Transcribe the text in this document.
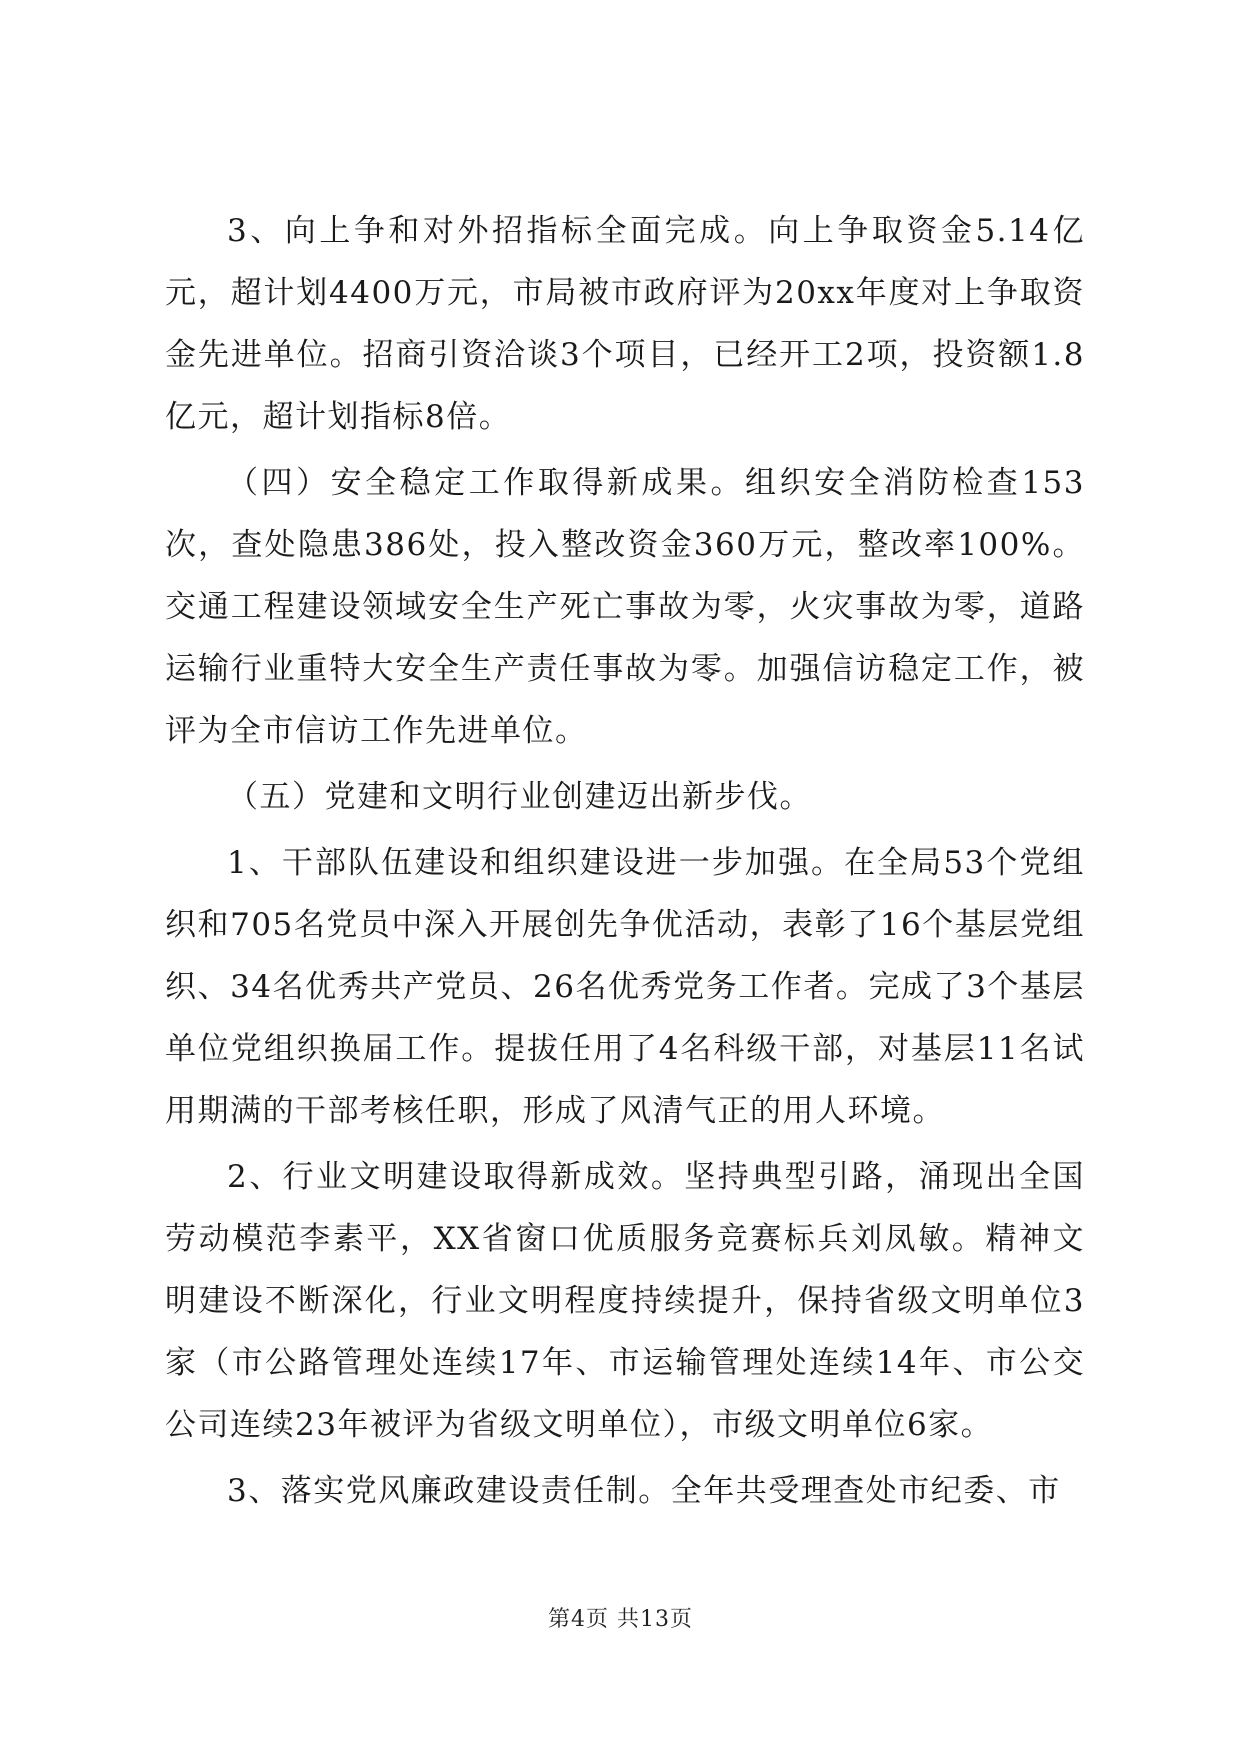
3、向上争和对外招指标全面完成。向上争取资金5.14亿元，超计划4400万元，市局被市政府评为20xx年度对上争取资金先进单位。招商引资洽谈3个项目，已经开工2项，投资额1.8亿元，超计划指标8倍。

（四）安全稳定工作取得新成果。组织安全消防检查153次，查处隐患386处，投入整改资金360万元，整改率100%。交通工程建设领域安全生产死亡事故为零，火灾事故为零，道路运输行业重特大安全生产责任事故为零。加强信访稳定工作，被评为全市信访工作先进单位。

（五）党建和文明行业创建迈出新步伐。

1、干部队伍建设和组织建设进一步加强。在全局53个党组织和705名党员中深入开展创先争优活动，表彰了16个基层党组织、34名优秀共产党员、26名优秀党务工作者。完成了3个基层单位党组织换届工作。提拔任用了4名科级干部，对基层11名试用期满的干部考核任职，形成了风清气正的用人环境。

2、行业文明建设取得新成效。坚持典型引路，涌现出全国劳动模范李素平，XX省窗口优质服务竞赛标兵刘凤敏。精神文明建设不断深化，行业文明程度持续提升，保持省级文明单位3家（市公路管理处连续17年、市运输管理处连续14年、市公交公司连续23年被评为省级文明单位），市级文明单位6家。

3、落实党风廉政建设责任制。全年共受理查处市纪委、市

第4页 共13页
